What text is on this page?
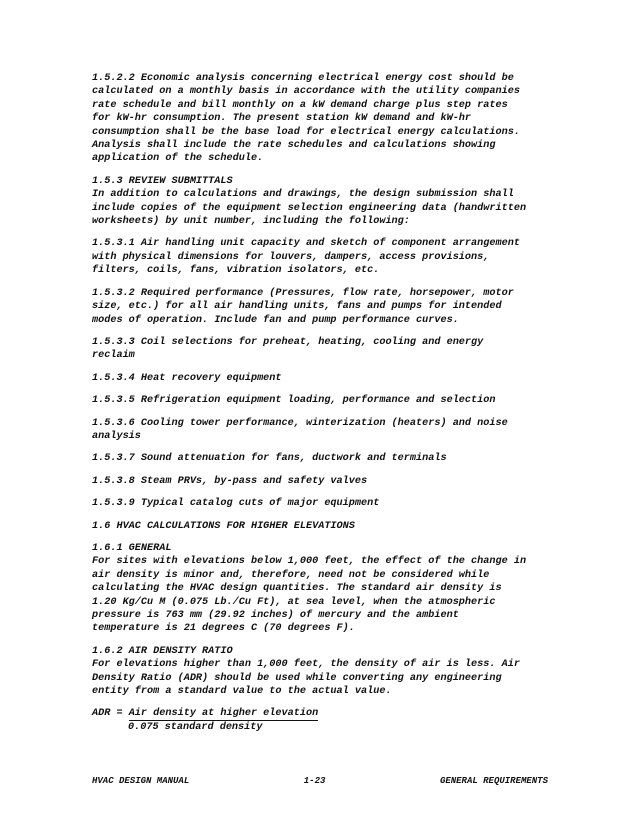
1.5.2.2 Economic analysis concerning electrical energy cost should be
calculated on a monthly basis in accordance with the utility companies
rate schedule and bill monthly on a kW demand charge plus step rates
for kW-hr consumption. The present station kW demand and kW-hr
consumption shall be the base load for electrical energy calculations.
Analysis shall include the rate schedules and calculations showing
application of the schedule.
1.5.3 REVIEW SUBMITTALS
In addition to calculations and drawings, the design submission shall
include copies of the equipment selection engineering data (handwritten
worksheets) by unit number, including the following:
1.5.3.1 Air handling unit capacity and sketch of component arrangement
with physical dimensions for louvers, dampers, access provisions,
filters, coils, fans, vibration isolators, etc.
1.5.3.2 Required performance (Pressures, flow rate, horsepower, motor
size, etc.) for all air handling units, fans and pumps for intended
modes of operation. Include fan and pump performance curves.
1.5.3.3 Coil selections for preheat, heating, cooling and energy
reclaim
1.5.3.4 Heat recovery equipment
1.5.3.5 Refrigeration equipment loading, performance and selection
1.5.3.6 Cooling tower performance, winterization (heaters) and noise
analysis
1.5.3.7 Sound attenuation for fans, ductwork and terminals
1.5.3.8 Steam PRVs, by-pass and safety valves
1.5.3.9 Typical catalog cuts of major equipment
1.6 HVAC CALCULATIONS FOR HIGHER ELEVATIONS
1.6.1 GENERAL
For sites with elevations below 1,000 feet, the effect of the change in
air density is minor and, therefore, need not be considered while
calculating the HVAC design quantities. The standard air density is
1.20 Kg/Cu M (0.075 Lb./Cu Ft), at sea level, when the atmospheric
pressure is 763 mm (29.92 inches) of mercury and the ambient
temperature is 21 degrees C (70 degrees F).
1.6.2 AIR DENSITY RATIO
For elevations higher than 1,000 feet, the density of air is less. Air
Density Ratio (ADR) should be used while converting any engineering
entity from a standard value to the actual value.
ADR = Air density at higher elevation
0.075 standard density
HVAC DESIGN MANUAL	1-23	GENERAL REQUIREMENTS
